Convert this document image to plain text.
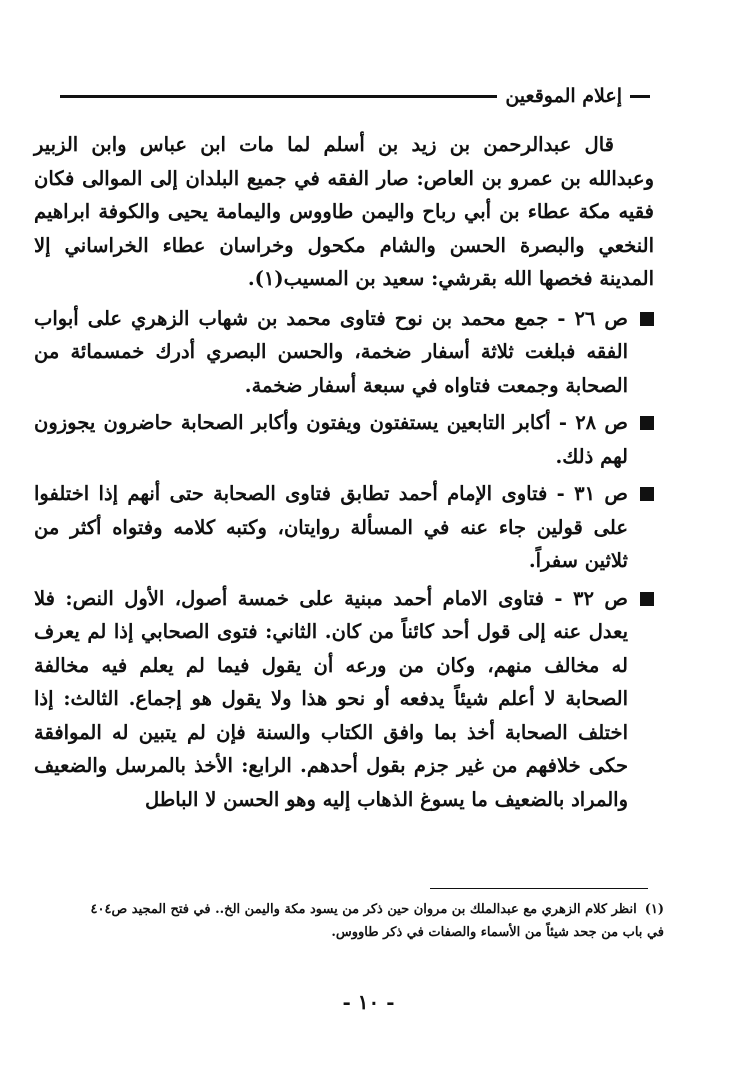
إعلام الموقعين

قال عبدالرحمن بن زيد بن أسلم لما مات ابن عباس وابن الزبير وعبدالله بن عمرو بن العاص: صار الفقه في جميع البلدان إلى الموالى فكان فقيه مكة عطاء بن أبي رباح واليمن طاووس واليمامة يحيى والكوفة ابراهيم النخعي والبصرة الحسن والشام مكحول وخراسان عطاء الخراساني إلا المدينة فخصها الله بقرشي: سعيد بن المسيب(١).

ص ٢٦ - جمع محمد بن نوح فتاوى محمد بن شهاب الزهري على أبواب الفقه فبلغت ثلاثة أسفار ضخمة، والحسن البصري أدرك خمسمائة من الصحابة وجمعت فتاواه في سبعة أسفار ضخمة.
ص ٢٨ - أكابر التابعين يستفتون ويفتون وأكابر الصحابة حاضرون يجوزون لهم ذلك.
ص ٣١ - فتاوى الإمام أحمد تطابق فتاوى الصحابة حتى أنهم إذا اختلفوا على قولين جاء عنه في المسألة روايتان، وكتبه كلامه وفتواه أكثر من ثلاثين سفراً.
ص ٣٢ - فتاوى الامام أحمد مبنية على خمسة أصول، الأول النص: فلا يعدل عنه إلى قول أحد كائناً من كان. الثاني: فتوى الصحابي إذا لم يعرف له مخالف منهم، وكان من ورعه أن يقول فيما لم يعلم فيه مخالفة الصحابة لا أعلم شيئاً يدفعه أو نحو هذا ولا يقول هو إجماع. الثالث: إذا اختلف الصحابة أخذ بما وافق الكتاب والسنة فإن لم يتبين له الموافقة حكى خلافهم من غير جزم بقول أحدهم. الرابع: الأخذ بالمرسل والضعيف والمراد بالضعيف ما يسوغ الذهاب إليه وهو الحسن لا الباطل
(١)انظر كلام الزهري مع عبدالملك بن مروان حين ذكر من يسود مكة واليمن الخ.. في فتح المجيد ص٤٠٤
في باب من جحد شيئاً من الأسماء والصفات في ذكر طاووس.
- ١٠ -
